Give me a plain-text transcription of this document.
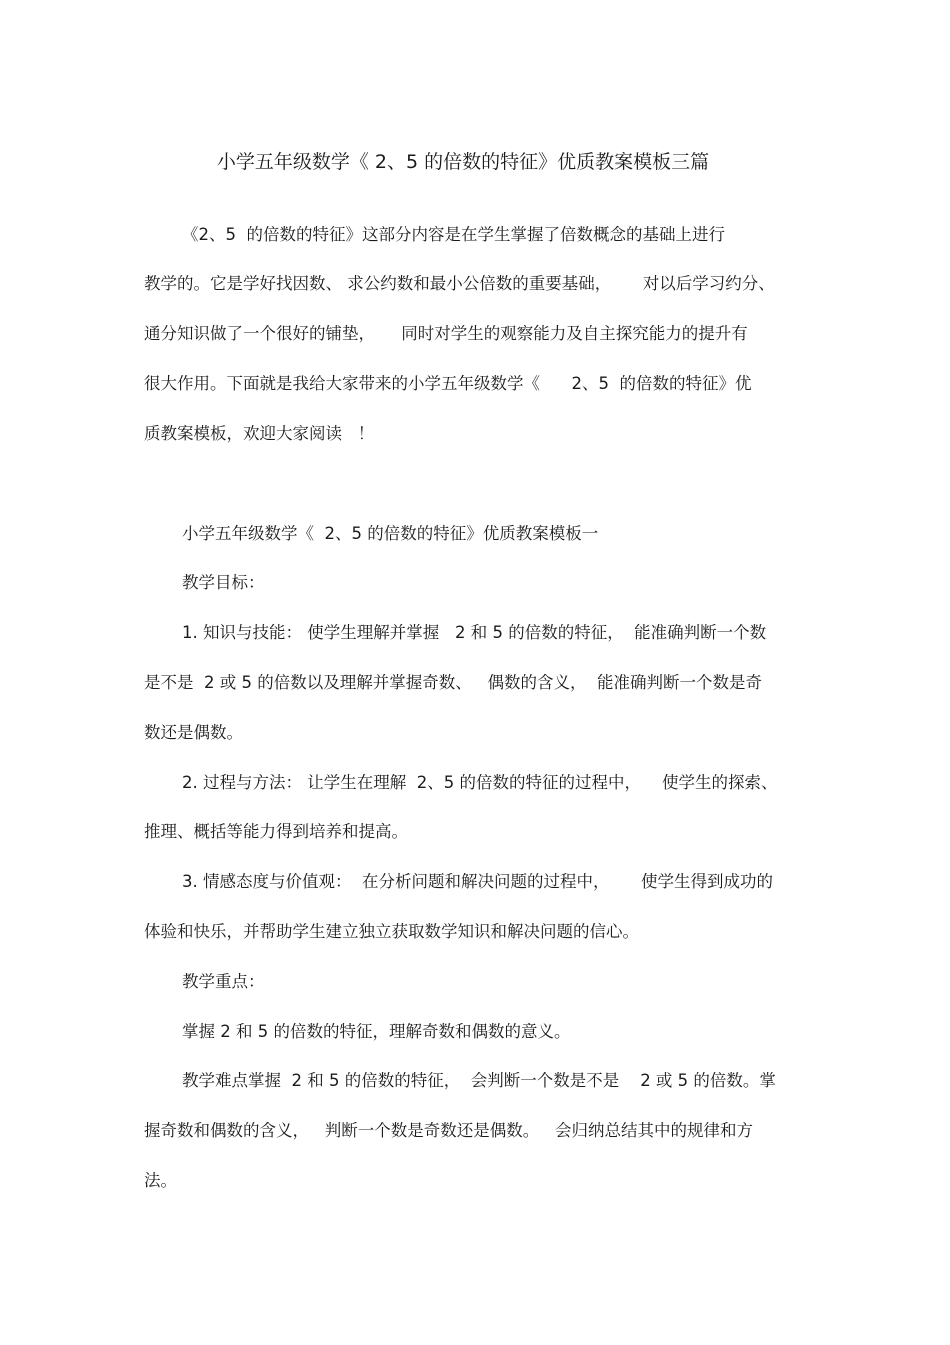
小学五年级数学《 2、5 的倍数的特征》优质教案模板三篇
《2、5  的倍数的特征》这部分内容是在学生掌握了倍数概念的基础上进行
教学的。它是学好找因数、 求公约数和最小公倍数的重要基础，      对以后学习约分、
通分知识做了一个很好的铺垫，     同时对学生的观察能力及自主探究能力的提升有
很大作用。下面就是我给大家带来的小学五年级数学《      2、5  的倍数的特征》优
质教案模板，欢迎大家阅读   ！
小学五年级数学《  2、5 的倍数的特征》优质教案模板一
教学目标：
1. 知识与技能： 使学生理解并掌握   2 和 5 的倍数的特征，  能准确判断一个数
是不是  2 或 5 的倍数以及理解并掌握奇数、   偶数的含义，  能准确判断一个数是奇
数还是偶数。
2. 过程与方法： 让学生在理解  2、5 的倍数的特征的过程中，    使学生的探索、
推理、概括等能力得到培养和提高。
3. 情感态度与价值观：  在分析问题和解决问题的过程中，      使学生得到成功的
体验和快乐，并帮助学生建立独立获取数学知识和解决问题的信心。
教学重点：
掌握 2 和 5 的倍数的特征，理解奇数和偶数的意义。
教学难点掌握  2 和 5 的倍数的特征，  会判断一个数是不是    2 或 5 的倍数。掌
握奇数和偶数的含义，   判断一个数是奇数还是偶数。   会归纳总结其中的规律和方
法。
